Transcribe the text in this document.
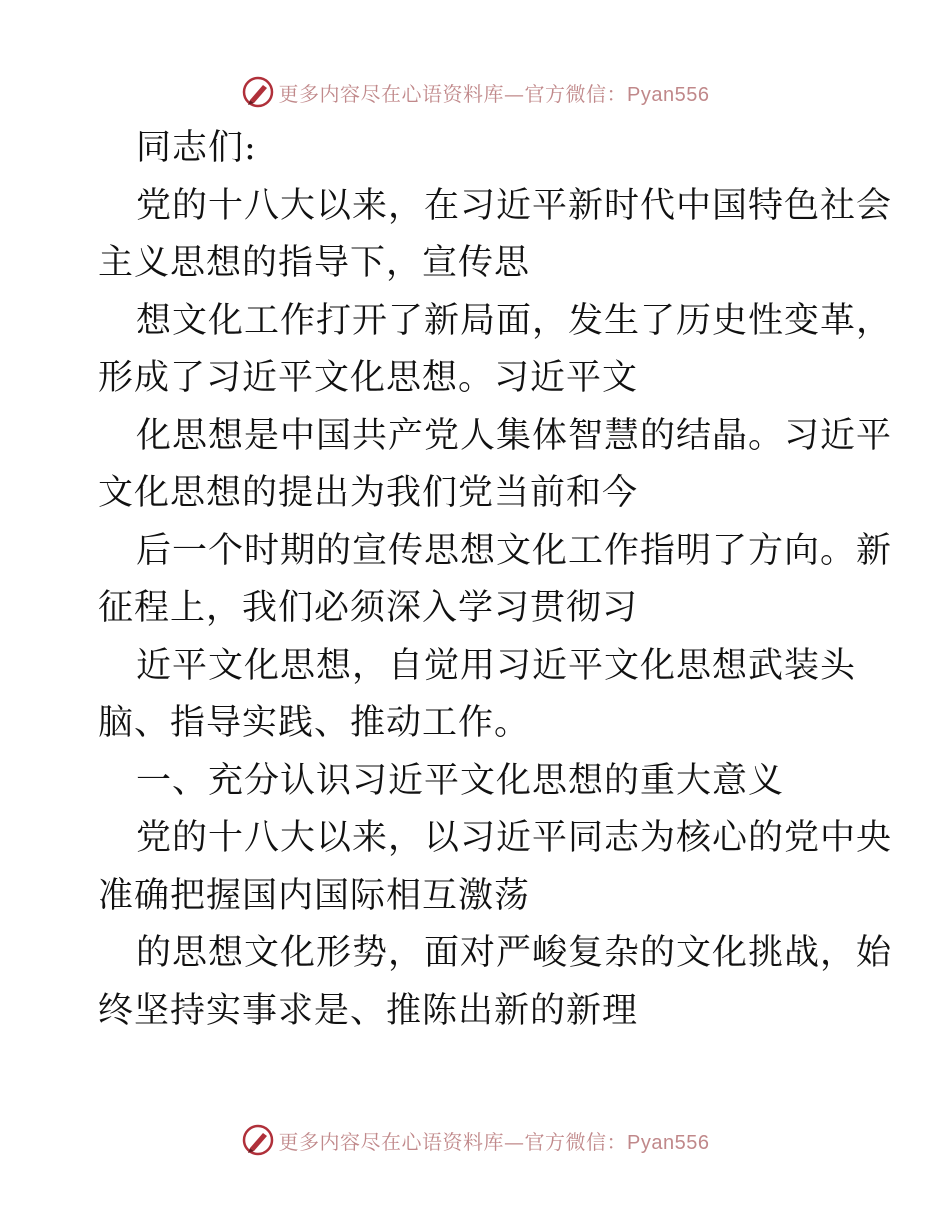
更多内容尽在心语资料库—官方微信：Pyan556
同志们:
党的十八大以来，在习近平新时代中国特色社会
主义思想的指导下，宣传思
想文化工作打开了新局面，发生了历史性变革，
形成了习近平文化思想。习近平文
化思想是中国共产党人集体智慧的结晶。习近平
文化思想的提出为我们党当前和今
后一个时期的宣传思想文化工作指明了方向。新
征程上，我们必须深入学习贯彻习
近平文化思想，自觉用习近平文化思想武装头
脑、指导实践、推动工作。
一、充分认识习近平文化思想的重大意义
党的十八大以来，以习近平同志为核心的党中央
准确把握国内国际相互激荡
的思想文化形势，面对严峻复杂的文化挑战，始
终坚持实事求是、推陈出新的新理
更多内容尽在心语资料库—官方微信：Pyan556
